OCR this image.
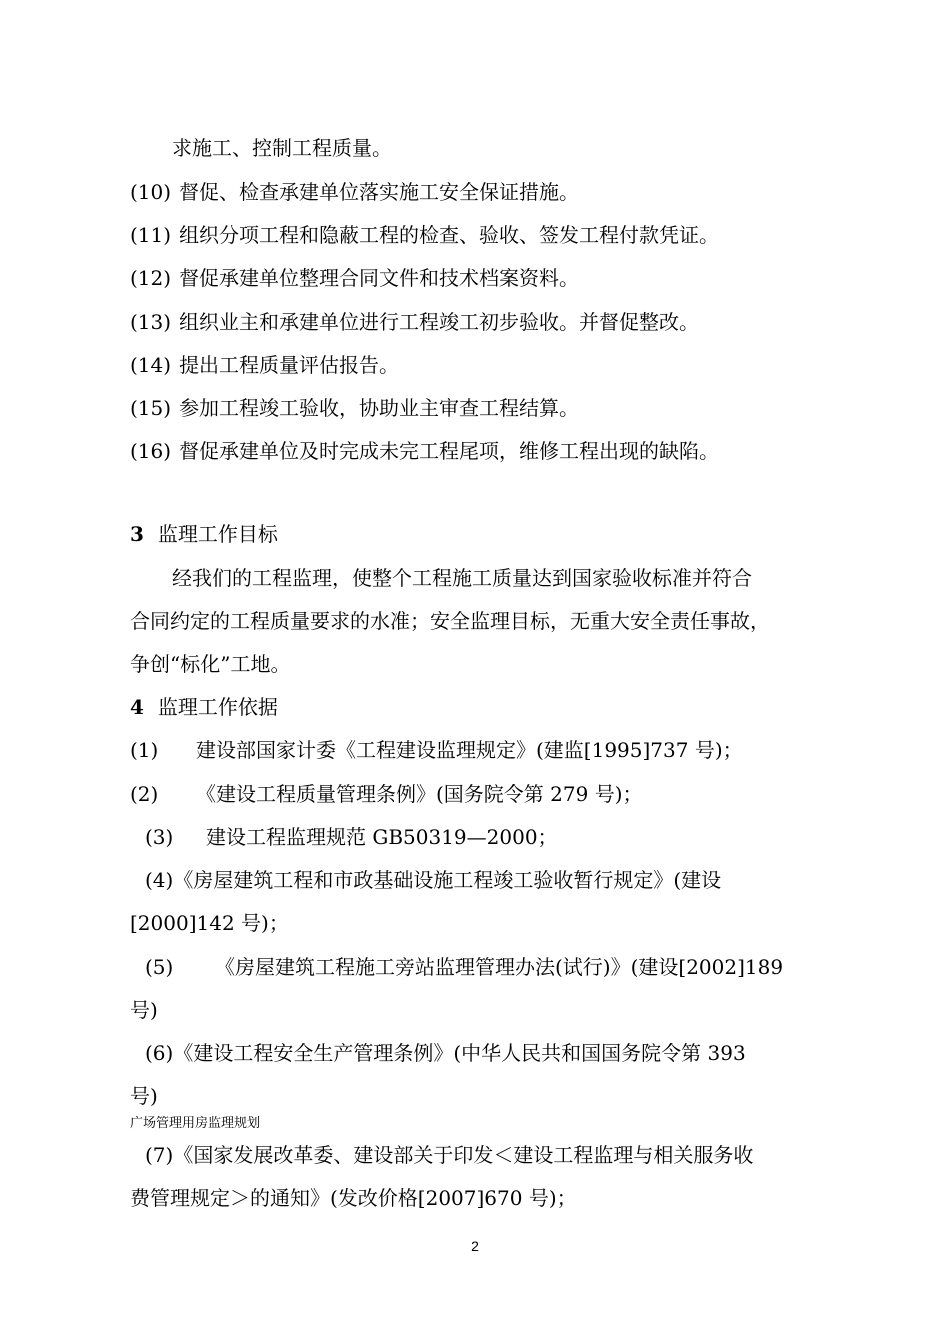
求施工、控制工程质量。
(10) 督促、检查承建单位落实施工安全保证措施。
(11) 组织分项工程和隐蔽工程的检查、验收、签发工程付款凭证。
(12) 督促承建单位整理合同文件和技术档案资料。
(13) 组织业主和承建单位进行工程竣工初步验收。并督促整改。
(14) 提出工程质量评估报告。
(15) 参加工程竣工验收，协助业主审查工程结算。
(16) 督促承建单位及时完成未完工程尾项，维修工程出现的缺陷。
3 监理工作目标
经我们的工程监理，使整个工程施工质量达到国家验收标准并符合
合同约定的工程质量要求的水准；安全监理目标，无重大安全责任事故，
争创“标化”工地。
4 监理工作依据
(1) 建设部国家计委《工程建设监理规定》(建监[1995]737 号)；
(2) 《建设工程质量管理条例》(国务院令第 279 号)；
(3) 建设工程监理规范 GB50319—2000；
(4)《房屋建筑工程和市政基础设施工程竣工验收暂行规定》(建设
[2000]142 号)；
(5) 《房屋建筑工程施工旁站监理管理办法(试行)》(建设[2002]189
号)
(6)《建设工程安全生产管理条例》(中华人民共和国国务院令第 393
号)
广场管理用房监理规划
(7)《国家发展改革委、建设部关于印发＜建设工程监理与相关服务收
费管理规定＞的通知》(发改价格[2007]670 号)；
2
